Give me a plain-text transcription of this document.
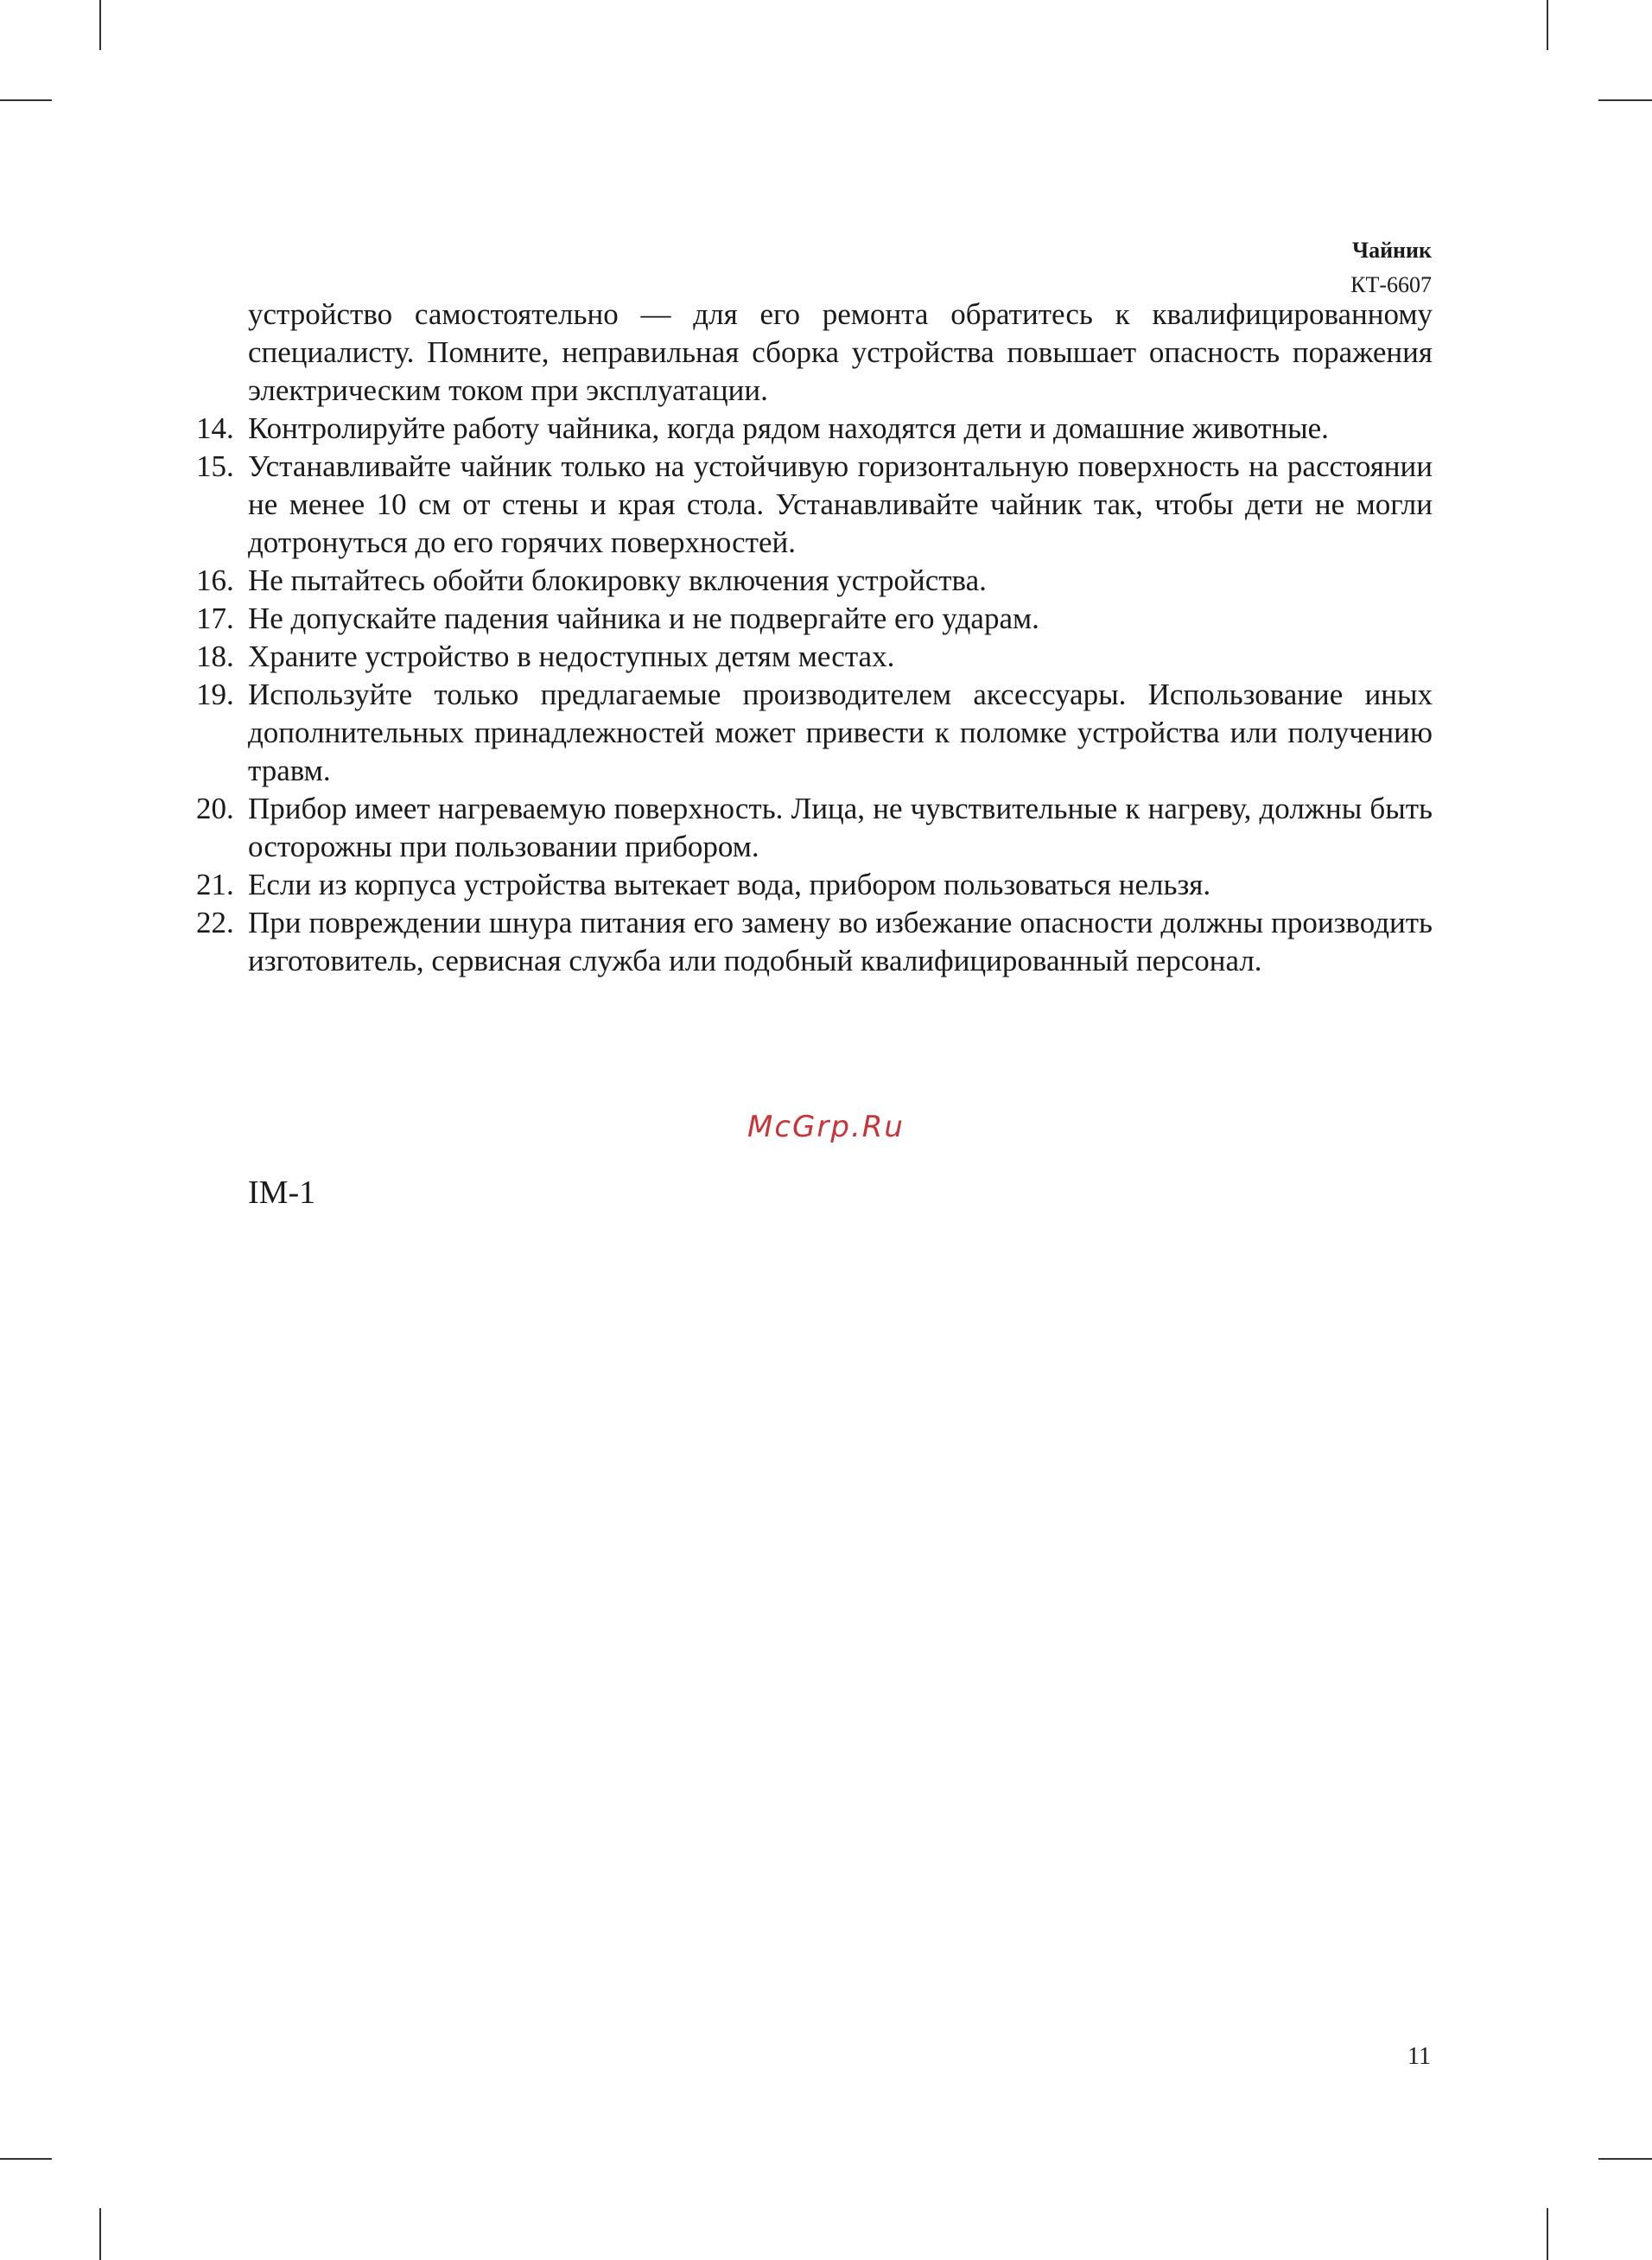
Чайник
КТ-6607

устройство самостоятельно — для его ремонта обратитесь к квалифицированному специалисту. Помните, неправильная сборка устройства повышает опасность поражения электрическим током при эксплуатации.

14. Контролируйте работу чайника, когда рядом находятся дети и домашние животные.
15. Устанавливайте чайник только на устойчивую горизонтальную поверхность на расстоянии не менее 10 см от стены и края стола. Устанавливайте чайник так, чтобы дети не могли дотронуться до его горячих поверхностей.
16. Не пытайтесь обойти блокировку включения устройства.
17. Не допускайте падения чайника и не подвергайте его ударам.
18. Храните устройство в недоступных детям местах.
19. Используйте только предлагаемые производителем аксессуары. Использование иных дополнительных принадлежностей может привести к поломке устройства или получению травм.
20. Прибор имеет нагреваемую поверхность. Лица, не чувствительные к нагреву, должны быть осторожны при пользовании прибором.
21. Если из корпуса устройства вытекает вода, прибором пользоваться нельзя.
22. При повреждении шнура питания его замену во избежание опасности должны производить изготовитель, сервисная служба или подобный квалифицированный персонал.
McGrp.Ru
IM-1
11
